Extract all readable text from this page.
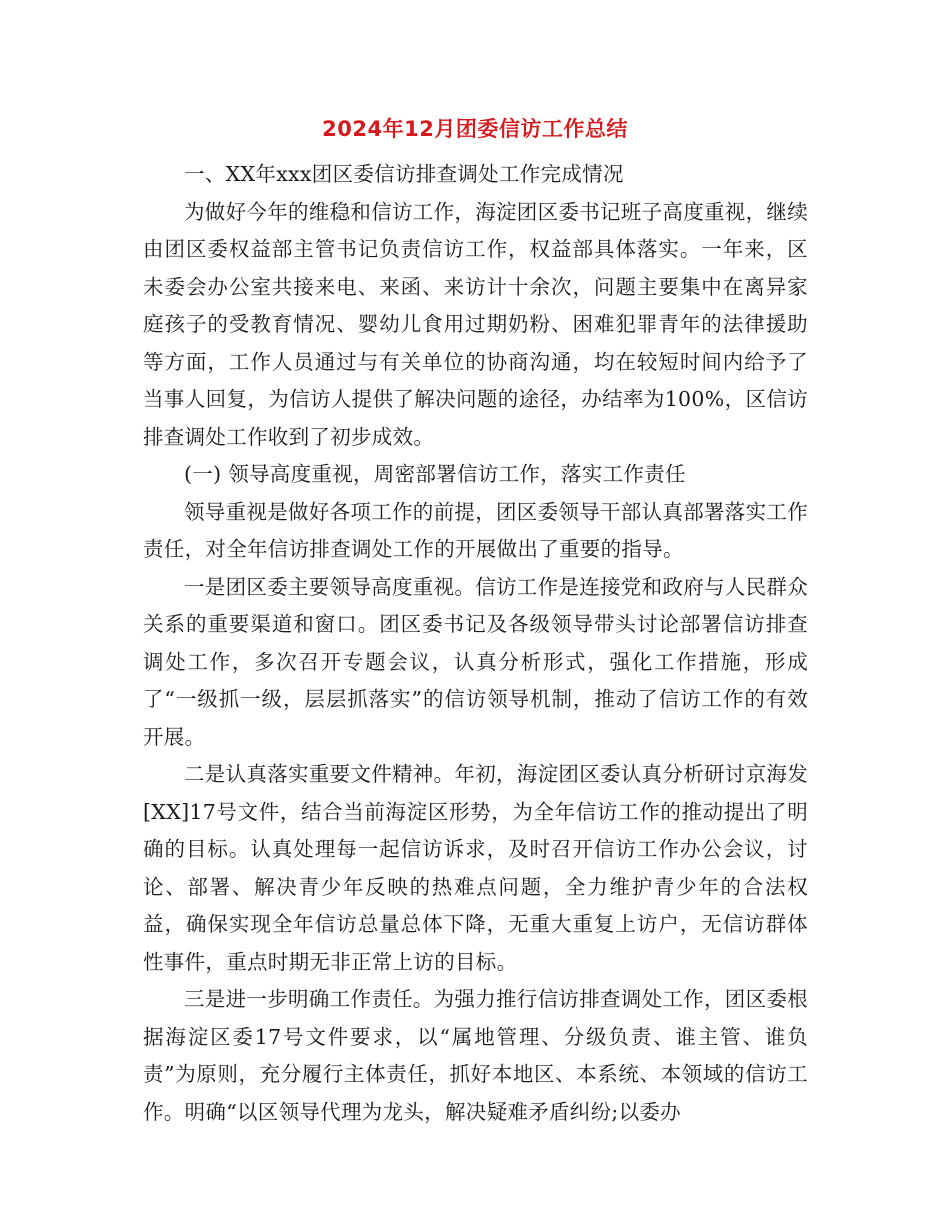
2024年12月团委信访工作总结

一、XX年xxx团区委信访排查调处工作完成情况

为做好今年的维稳和信访工作，海淀团区委书记班子高度重视，继续由团区委权益部主管书记负责信访工作，权益部具体落实。一年来，区未委会办公室共接来电、来函、来访计十余次，问题主要集中在离异家庭孩子的受教育情况、婴幼儿食用过期奶粉、困难犯罪青年的法律援助等方面，工作人员通过与有关单位的协商沟通，均在较短时间内给予了当事人回复，为信访人提供了解决问题的途径，办结率为100%，区信访排查调处工作收到了初步成效。

(一) 领导高度重视，周密部署信访工作，落实工作责任

领导重视是做好各项工作的前提，团区委领导干部认真部署落实工作责任，对全年信访排查调处工作的开展做出了重要的指导。

一是团区委主要领导高度重视。信访工作是连接党和政府与人民群众关系的重要渠道和窗口。团区委书记及各级领导带头讨论部署信访排查调处工作，多次召开专题会议，认真分析形式，强化工作措施，形成了“一级抓一级，层层抓落实”的信访领导机制，推动了信访工作的有效开展。

二是认真落实重要文件精神。年初，海淀团区委认真分析研讨京海发[XX]17号文件，结合当前海淀区形势，为全年信访工作的推动提出了明确的目标。认真处理每一起信访诉求，及时召开信访工作办公会议，讨论、部署、解决青少年反映的热难点问题，全力维护青少年的合法权益，确保实现全年信访总量总体下降，无重大重复上访户，无信访群体性事件，重点时期无非正常上访的目标。

三是进一步明确工作责任。为强力推行信访排查调处工作，团区委根据海淀区委17号文件要求，以“属地管理、分级负责、谁主管、谁负责”为原则，充分履行主体责任，抓好本地区、本系统、本领域的信访工作。明确“以区领导代理为龙头，解决疑难矛盾纠纷;以委办
